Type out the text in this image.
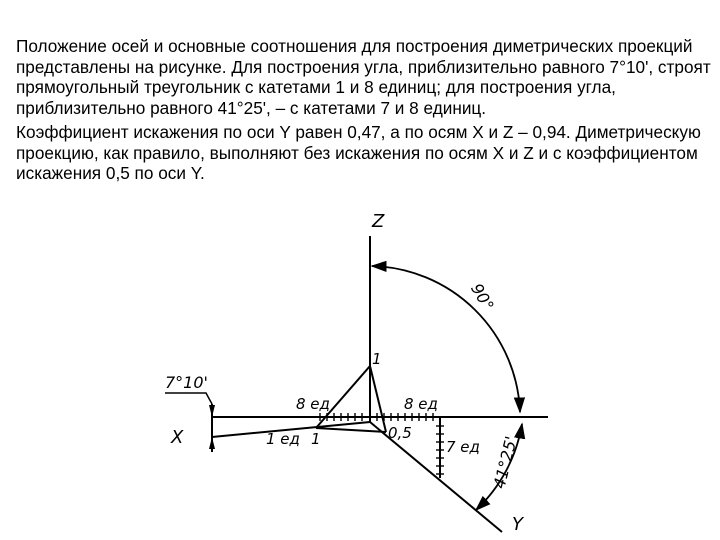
Положение осей и основные соотношения для построения диметрических проекций представлены на рисунке. Для построения угла, приблизительно равного 7°10', строят прямоугольный треугольник с катетами 1 и 8 единиц; для построения угла, приблизительно равного 41°25', – с катетами 7 и 8 единиц.

Коэффициент искажения по оси Y равен 0,47, а по осям X и Z – 0,94. Диметрическую проекцию, как правило, выполняют без искажения по осям X и Z и с коэффициентом искажения 0,5 по оси Y.

Z
X
Y
90°
7°10'
41°25'
8 ед	8 ед
1 ед	7 ед
1
1	0,5
